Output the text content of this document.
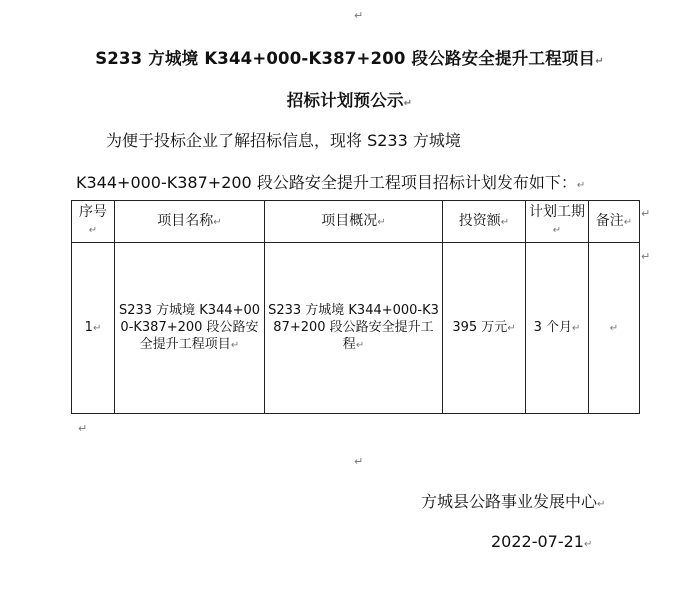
↵
S233 方城境 K344+000-K387+200 段公路安全提升工程项目↵
招标计划预公示↵
为便于投标企业了解招标信息，现将 S233 方城境
K344+000-K387+200 段公路安全提升工程项目招标计划发布如下：↵
序号↵	项目名称↵	项目概况↵	投资额↵	计划工期↵	备注↵
1↵	S233 方城境 K344+000-K387+200 段公路安全提升工程项目↵	S233 方城境 K344+000-K387+200 段公路安全提升工程↵	395 万元↵	3 个月↵	↵
↵
↵
↵
↵
方城县公路事业发展中心↵
2022-07-21↵
